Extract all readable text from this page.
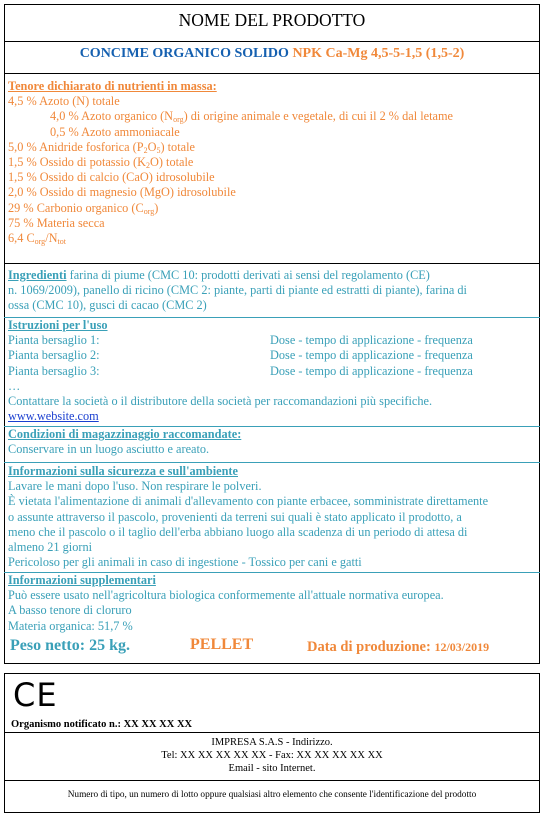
NOME DEL PRODOTTO
CONCIME ORGANICO SOLIDO NPK Ca-Mg 4,5-5-1,5 (1,5-2)
Tenore dichiarato di nutrienti in massa:
4,5 % Azoto (N) totale
4,0 % Azoto organico $(N_{org})$ di origine animale e vegetale, di cui il 2 % dal letame
0,5 % Azoto ammoniacale
5,0 % Anidride fosforica $(P_2O_5)$ totale
1,5 % Ossido di potassio $(K_2O)$ totale
1,5 % Ossido di calcio (CaO) idrosolubile
2,0 % Ossido di magnesio (MgO) idrosolubile
29 % Carbonio organico $(C_{org})$
75 % Materia secca
6,4 $C_{org}/N_{tot}$
Ingredienti farina di piume (CMC 10: prodotti derivati ai sensi del regolamento (CE)
n. 1069/2009), panello di ricino (CMC 2: piante, parti di piante ed estratti di piante), farina di
ossa (CMC 10), gusci di cacao (CMC 2)
Istruzioni per l'uso
Pianta bersaglio 1:	Dose - tempo di applicazione - frequenza
Pianta bersaglio 2:	Dose - tempo di applicazione - frequenza
Pianta bersaglio 3:	Dose - tempo di applicazione - frequenza
…
Contattare la società o il distributore della società per raccomandazioni più specifiche.
www.website.com
Condizioni di magazzinaggio raccomandate:
Conservare in un luogo asciutto e areato.
Informazioni sulla sicurezza e sull'ambiente
Lavare le mani dopo l'uso. Non respirare le polveri.
È vietata l'alimentazione di animali d'allevamento con piante erbacee, somministrate direttamente
o assunte attraverso il pascolo, provenienti da terreni sui quali è stato applicato il prodotto, a
meno che il pascolo o il taglio dell'erba abbiano luogo alla scadenza di un periodo di attesa di
almeno 21 giorni
Pericoloso per gli animali in caso di ingestione - Tossico per cani e gatti
Informazioni supplementari
Può essere usato nell'agricoltura biologica conformemente all'attuale normativa europea.
A basso tenore di cloruro
Materia organica: 51,7 %
Peso netto: 25 kg.	PELLET	Data di produzione: 12/03/2019
CE
Organismo notificato n.: XX XX XX XX
IMPRESA S.A.S - Indirizzo.
Tel: XX XX XX XX XX - Fax: XX XX XX XX XX
Email - sito Internet.
Numero di tipo, un numero di lotto oppure qualsiasi altro elemento che consente l'identificazione del prodotto
